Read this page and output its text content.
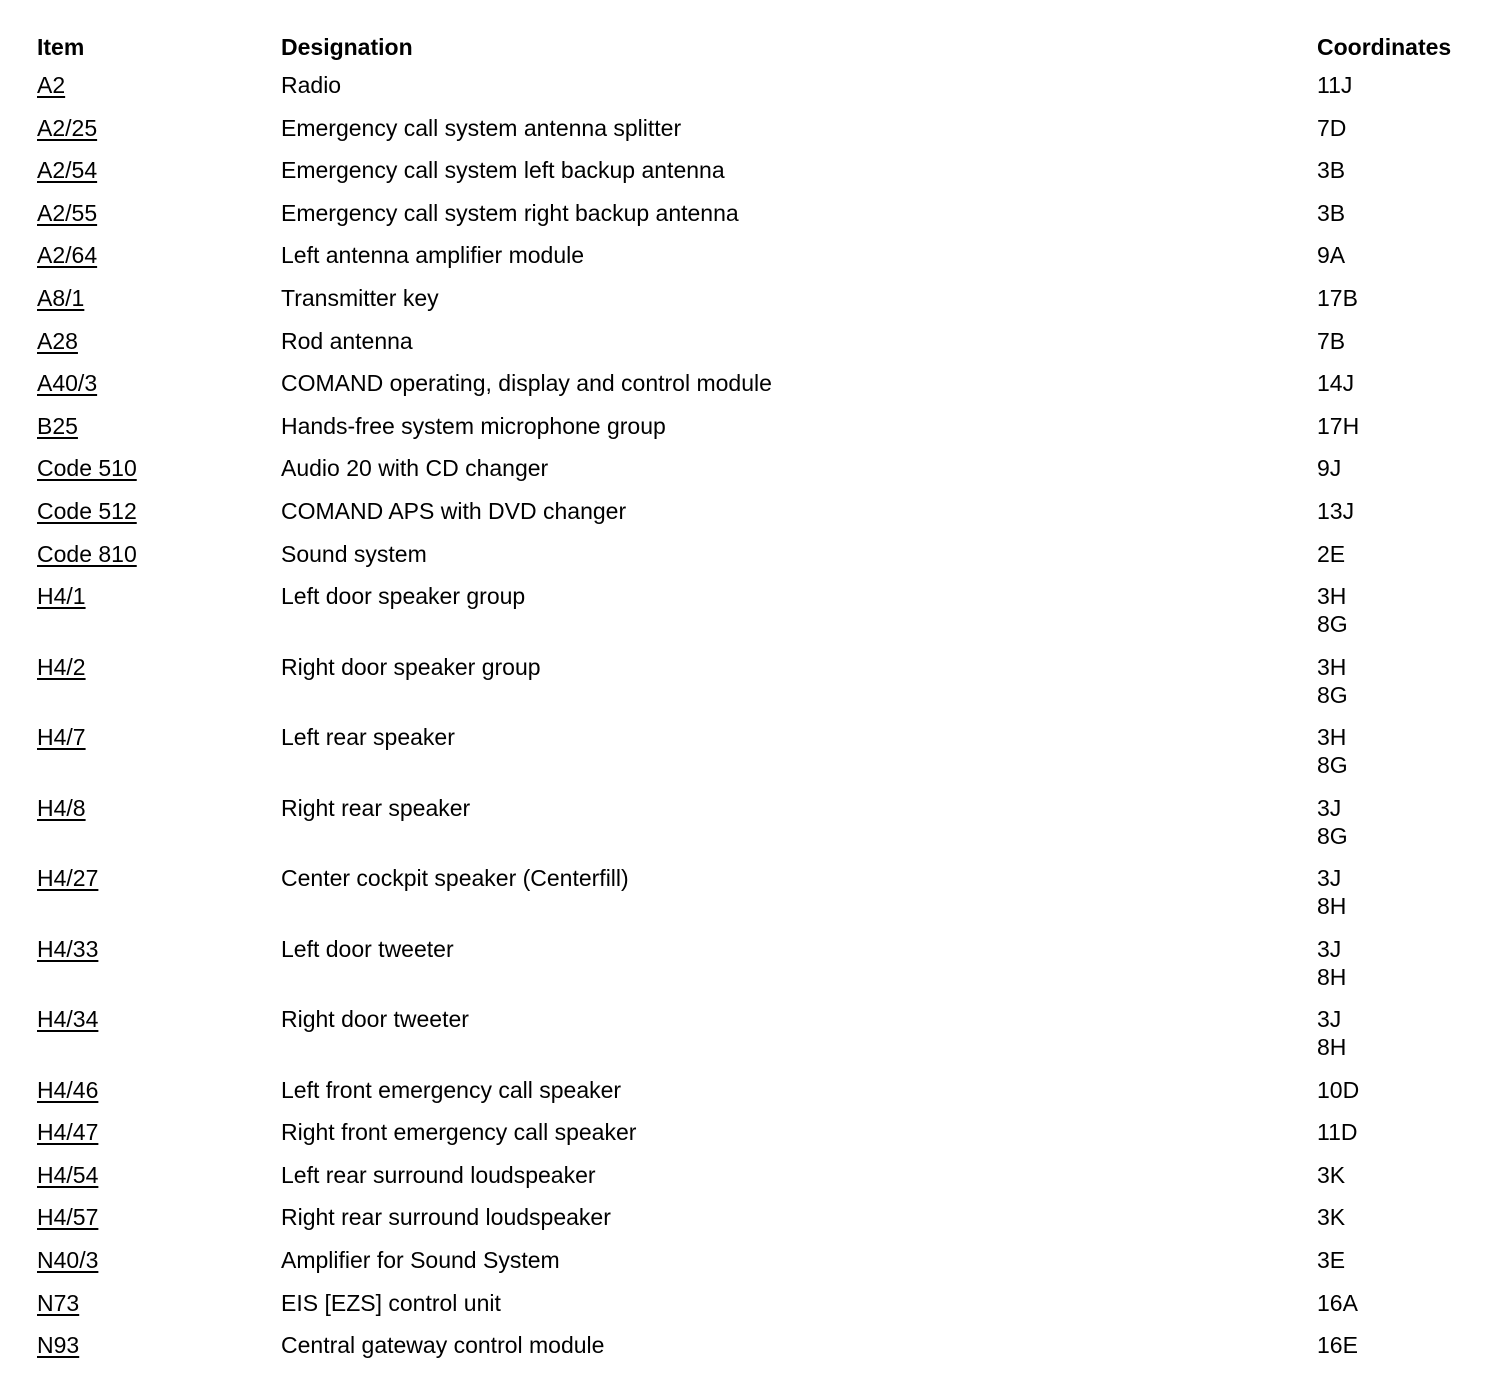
Item	Designation	Coordinates
A2	Radio	11J
A2/25	Emergency call system antenna splitter	7D
A2/54	Emergency call system left backup antenna	3B
A2/55	Emergency call system right backup antenna	3B
A2/64	Left antenna amplifier module	9A
A8/1	Transmitter key	17B
A28	Rod antenna	7B
A40/3	COMAND operating, display and control module	14J
B25	Hands-free system microphone group	17H
Code 510	Audio 20 with CD changer	9J
Code 512	COMAND APS with DVD changer	13J
Code 810	Sound system	2E
H4/1	Left door speaker group	3H
8G
H4/2	Right door speaker group	3H
8G
H4/7	Left rear speaker	3H
8G
H4/8	Right rear speaker	3J
8G
H4/27	Center cockpit speaker (Centerfill)	3J
8H
H4/33	Left door tweeter	3J
8H
H4/34	Right door tweeter	3J
8H
H4/46	Left front emergency call speaker	10D
H4/47	Right front emergency call speaker	11D
H4/54	Left rear surround loudspeaker	3K
H4/57	Right rear surround loudspeaker	3K
N40/3	Amplifier for Sound System	3E
N73	EIS [EZS] control unit	16A
N93	Central gateway control module	16E
